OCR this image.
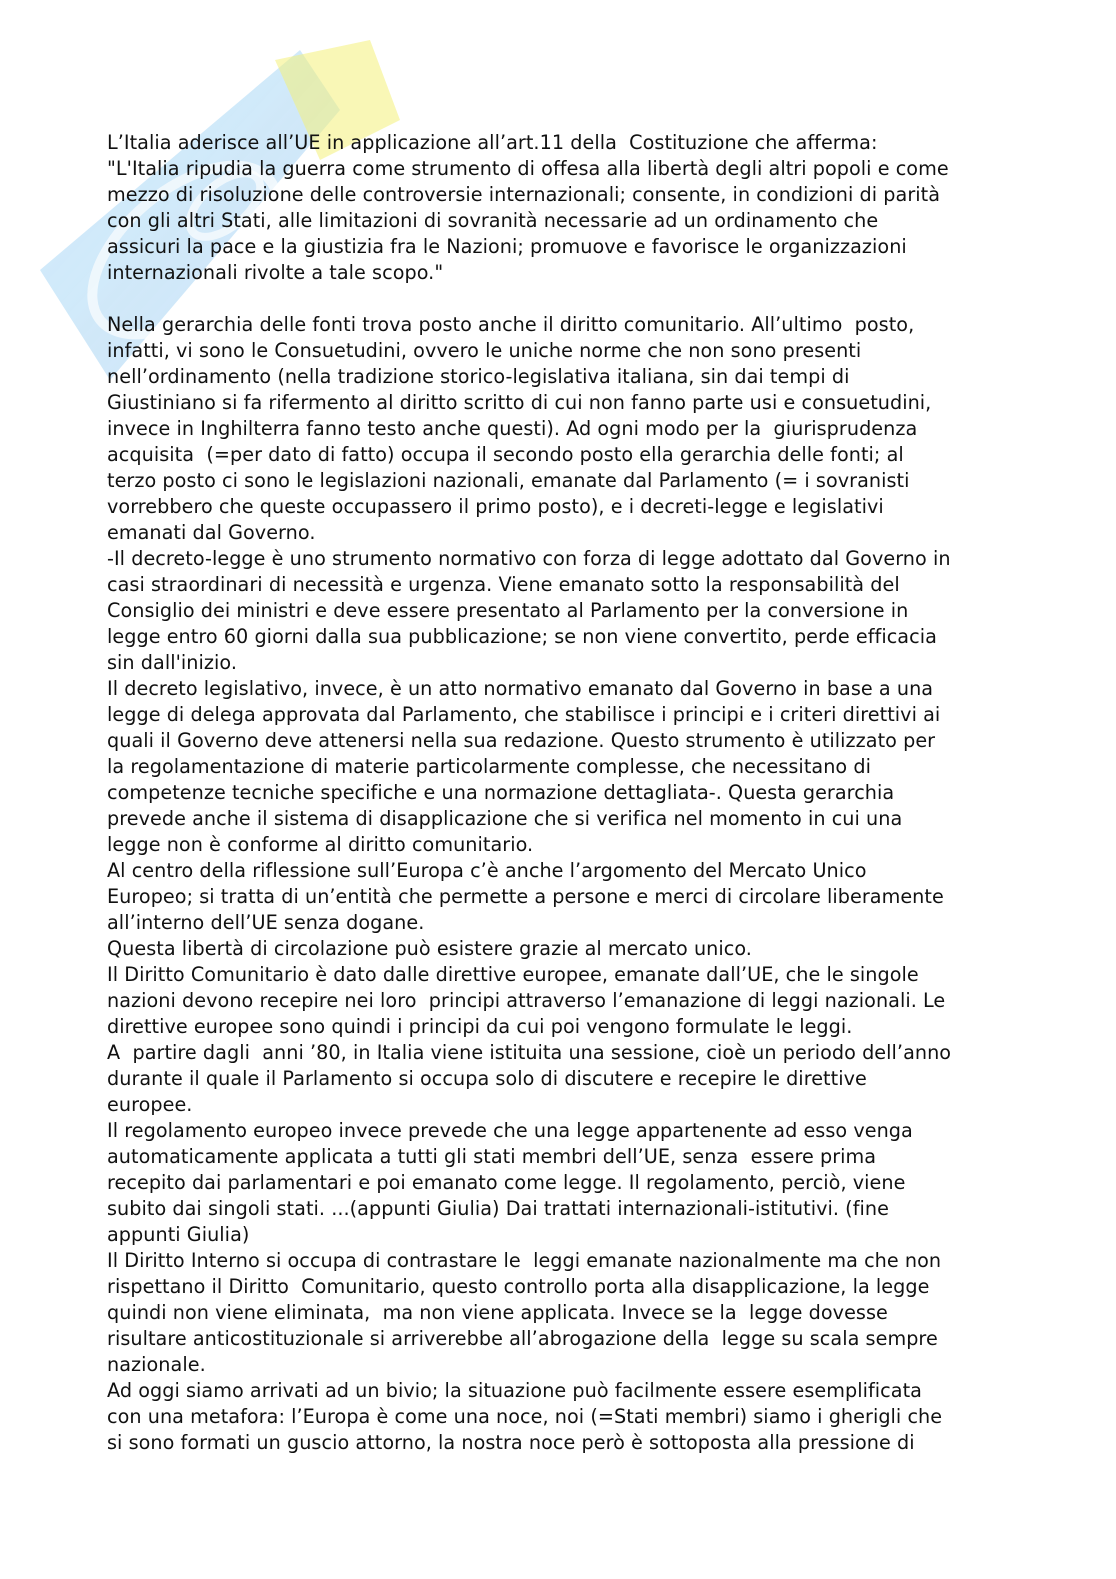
L’Italia aderisce all’UE in applicazione all’art.11 della  Costituzione che afferma:
"L'Italia ripudia la guerra come strumento di offesa alla libertà degli altri popoli e come
mezzo di risoluzione delle controversie internazionali; consente, in condizioni di parità
con gli altri Stati, alle limitazioni di sovranità necessarie ad un ordinamento che
assicuri la pace e la giustizia fra le Nazioni; promuove e favorisce le organizzazioni
internazionali rivolte a tale scopo."

Nella gerarchia delle fonti trova posto anche il diritto comunitario. All’ultimo  posto,
infatti, vi sono le Consuetudini, ovvero le uniche norme che non sono presenti
nell’ordinamento (nella tradizione storico-legislativa italiana, sin dai tempi di
Giustiniano si fa rifermento al diritto scritto di cui non fanno parte usi e consuetudini,
invece in Inghilterra fanno testo anche questi). Ad ogni modo per la  giurisprudenza
acquisita  (=per dato di fatto) occupa il secondo posto ella gerarchia delle fonti; al
terzo posto ci sono le legislazioni nazionali, emanate dal Parlamento (= i sovranisti
vorrebbero che queste occupassero il primo posto), e i decreti-legge e legislativi
emanati dal Governo.

-Il decreto-legge è uno strumento normativo con forza di legge adottato dal Governo in
casi straordinari di necessità e urgenza. Viene emanato sotto la responsabilità del
Consiglio dei ministri e deve essere presentato al Parlamento per la conversione in
legge entro 60 giorni dalla sua pubblicazione; se non viene convertito, perde efficacia
sin dall'inizio.

Il decreto legislativo, invece, è un atto normativo emanato dal Governo in base a una
legge di delega approvata dal Parlamento, che stabilisce i principi e i criteri direttivi ai
quali il Governo deve attenersi nella sua redazione. Questo strumento è utilizzato per
la regolamentazione di materie particolarmente complesse, che necessitano di
competenze tecniche specifiche e una normazione dettagliata-. Questa gerarchia
prevede anche il sistema di disapplicazione che si verifica nel momento in cui una
legge non è conforme al diritto comunitario.

Al centro della riflessione sull’Europa c’è anche l’argomento del Mercato Unico
Europeo; si tratta di un’entità che permette a persone e merci di circolare liberamente
all’interno dell’UE senza dogane.

Questa libertà di circolazione può esistere grazie al mercato unico.

Il Diritto Comunitario è dato dalle direttive europee, emanate dall’UE, che le singole
nazioni devono recepire nei loro  principi attraverso l’emanazione di leggi nazionali. Le
direttive europee sono quindi i principi da cui poi vengono formulate le leggi.

A  partire dagli  anni ’80, in Italia viene istituita una sessione, cioè un periodo dell’anno
durante il quale il Parlamento si occupa solo di discutere e recepire le direttive
europee.

Il regolamento europeo invece prevede che una legge appartenente ad esso venga
automaticamente applicata a tutti gli stati membri dell’UE, senza  essere prima
recepito dai parlamentari e poi emanato come legge. Il regolamento, perciò, viene
subito dai singoli stati. ...(appunti Giulia) Dai trattati internazionali-istitutivi. (fine
appunti Giulia)

Il Diritto Interno si occupa di contrastare le  leggi emanate nazionalmente ma che non
rispettano il Diritto  Comunitario, questo controllo porta alla disapplicazione, la legge
quindi non viene eliminata,  ma non viene applicata. Invece se la  legge dovesse
risultare anticostituzionale si arriverebbe all’abrogazione della  legge su scala sempre
nazionale.

Ad oggi siamo arrivati ad un bivio; la situazione può facilmente essere esemplificata
con una metafora: l’Europa è come una noce, noi (=Stati membri) siamo i gherigli che
si sono formati un guscio attorno, la nostra noce però è sottoposta alla pressione di
